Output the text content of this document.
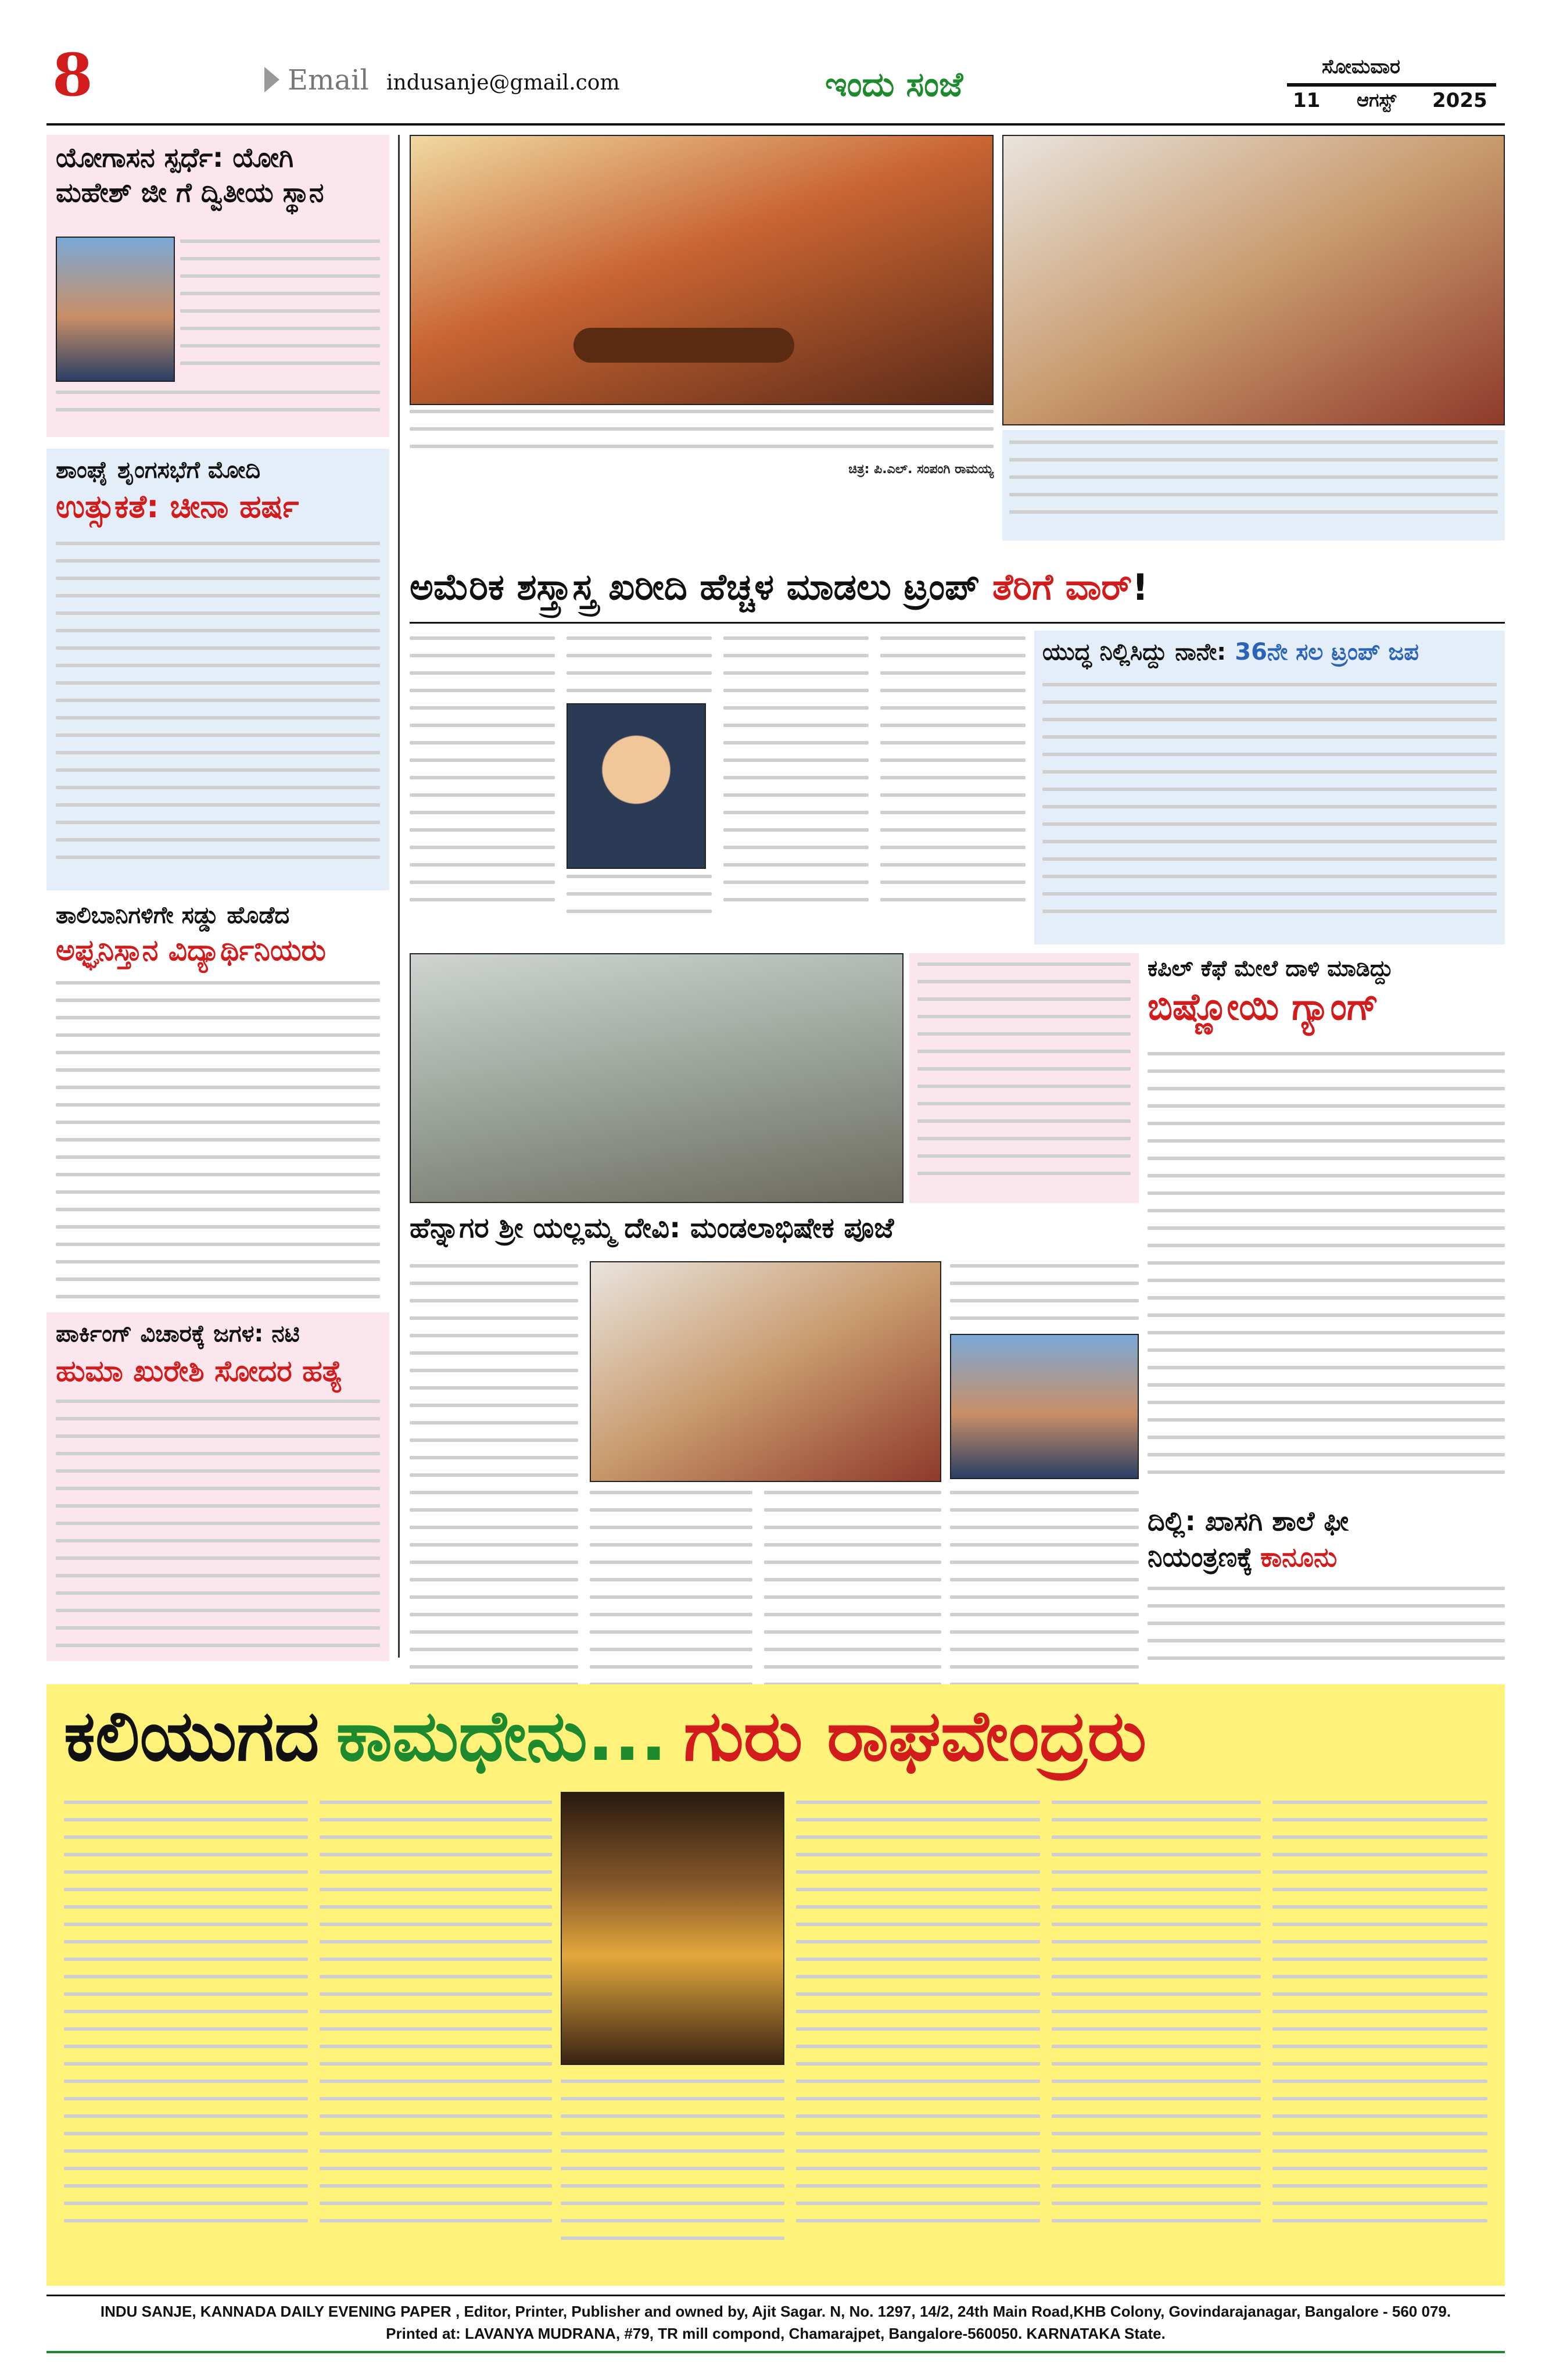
8	Email indusanje@gmail.com	ಇಂದು ಸಂಜೆ	ಸೋಮವಾರ
11 ಆಗಸ್ಟ್ 2025
ಯೋಗಾಸನ ಸ್ಪರ್ಧೆ: ಯೋಗಿ
ಮಹೇಶ್ ಜೀ ಗೆ ದ್ವಿತೀಯ ಸ್ಥಾನ
ಶಾಂಘೈ ಶೃಂಗಸಭೆಗೆ ಮೋದಿ
ಉತ್ಸುಕತೆ: ಚೀನಾ ಹರ್ಷ
ತಾಲಿಬಾನಿಗಳಿಗೇ ಸಡ್ಡು ಹೊಡೆದ
ಅಫ್ಘನಿಸ್ತಾನ ವಿದ್ಯಾರ್ಥಿನಿಯರು
ಪಾರ್ಕಿಂಗ್ ವಿಚಾರಕ್ಕೆ ಜಗಳ: ನಟಿ
ಹುಮಾ ಖುರೇಶಿ ಸೋದರ ಹತ್ಯೆ
ಚಿತ್ರ: ಪಿ.ಎಲ್. ಸಂಪಂಗಿ ರಾಮಯ್ಯ
ಅಮೆರಿಕ ಶಸ್ತ್ರಾಸ್ತ್ರ ಖರೀದಿ ಹೆಚ್ಚಳ ಮಾಡಲು ಟ್ರಂಪ್ ತೆರಿಗೆ ವಾರ್ !
ಯುದ್ಧ ನಿಲ್ಲಿಸಿದ್ದು ನಾನೇ: 36ನೇ ಸಲ ಟ್ರಂಪ್ ಜಪ
ಕಪಿಲ್ ಕೆಫೆ ಮೇಲೆ ದಾಳಿ ಮಾಡಿದ್ದು
ಬಿಷ್ಣೋಯಿ ಗ್ಯಾಂಗ್
ಹೆನ್ನಾಗರ ಶ್ರೀ ಯಲ್ಲಮ್ಮ ದೇವಿ: ಮಂಡಲಾಭಿಷೇಕ ಪೂಜೆ
ದಿಲ್ಲಿ: ಖಾಸಗಿ ಶಾಲೆ ಫೀ
ನಿಯಂತ್ರಣಕ್ಕೆ ಕಾನೂನು
ಕಲಿಯುಗದ ಕಾಮಧೇನು... ಗುರು ರಾಘವೇಂದ್ರರು
INDU SANJE, KANNADA DAILY EVENING PAPER , Editor, Printer, Publisher and owned by, Ajit Sagar. N, No. 1297, 14/2, 24th Main Road,KHB Colony, Govindarajanagar, Bangalore - 560 079.
Printed at: LAVANYA MUDRANA, #79, TR mill compond, Chamarajpet, Bangalore-560050. KARNATAKA State.
